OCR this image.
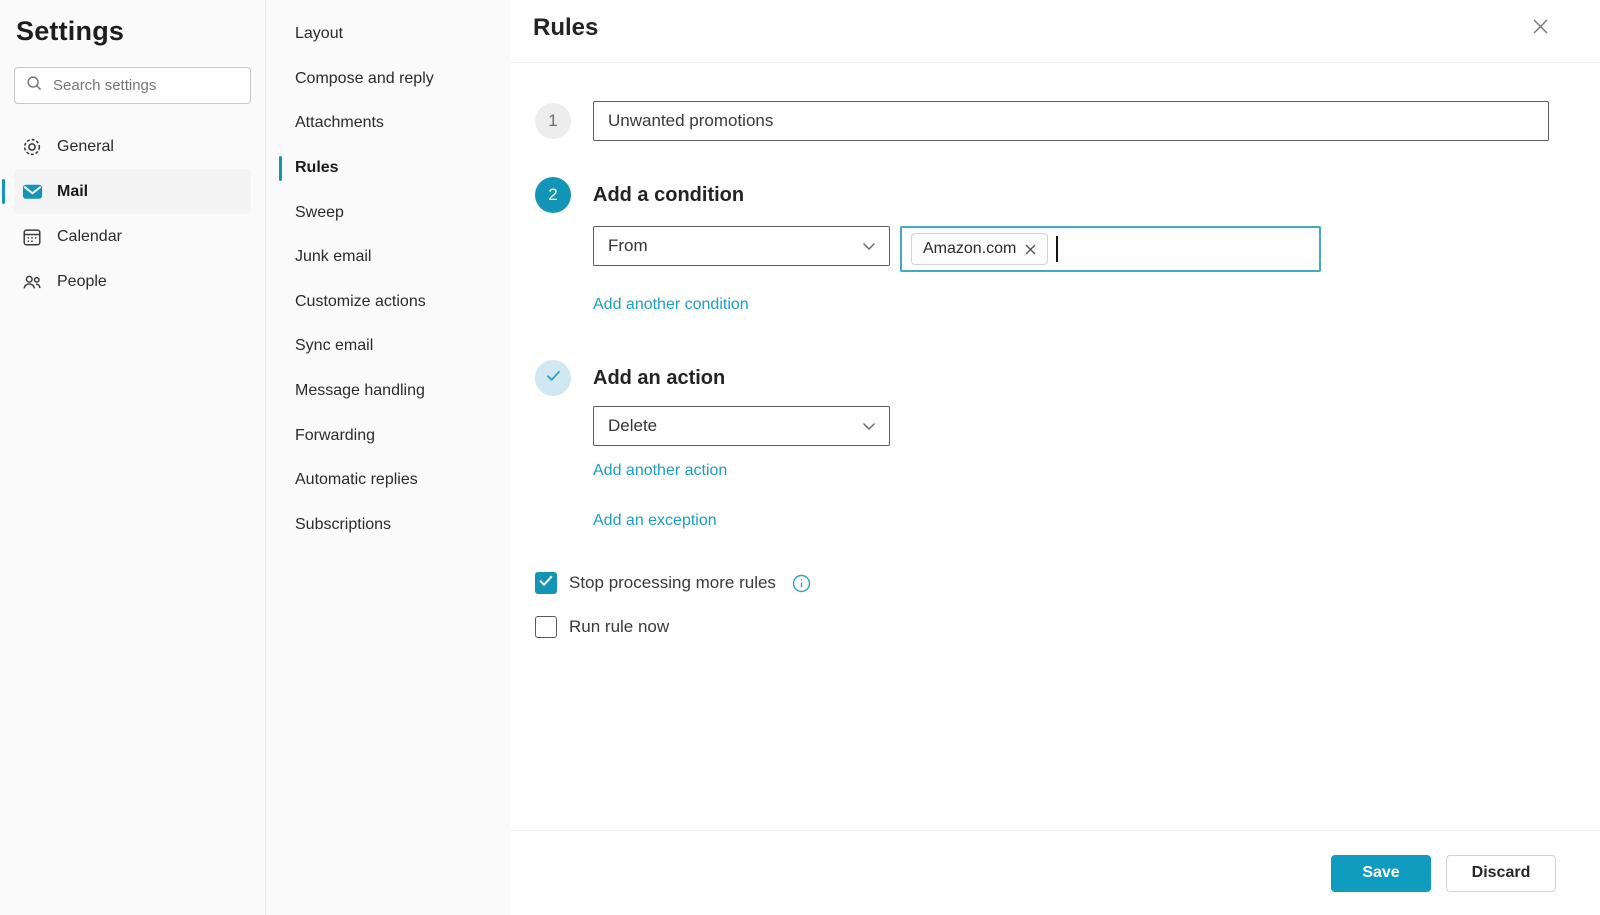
Settings
Search settings
General
Mail
Calendar
People
Layout
Compose and reply
Attachments
Rules
Sweep
Junk email
Customize actions
Sync email
Message handling
Forwarding
Automatic replies
Subscriptions
Rules
1
Unwanted promotions
2	Add a condition
From	Amazon.com
Add another condition
Add an action
Delete
Add another action
Add an exception
Stop processing more rules
Run rule now
Save	Discard
